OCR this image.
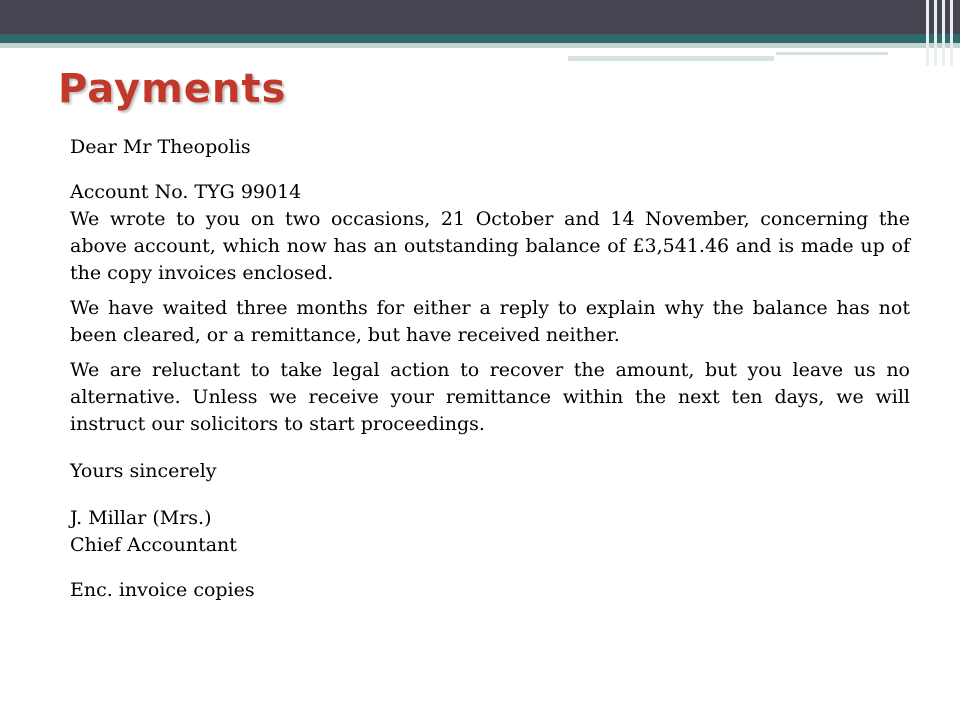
Payments

Dear Mr Theopolis

Account No. TYG 99014

We wrote to you on two occasions, 21 October and 14 November, concerning the above account, which now has an outstanding balance of £3,541.46 and is made up of the copy invoices enclosed.

We have waited three months for either a reply to explain why the balance has not been cleared, or a remittance, but have received neither.

We are reluctant to take legal action to recover the amount, but you leave us no alternative. Unless we receive your remittance within the next ten days, we will instruct our solicitors to start proceedings.

Yours sincerely

J. Millar (Mrs.)

Chief Accountant

Enc. invoice copies
